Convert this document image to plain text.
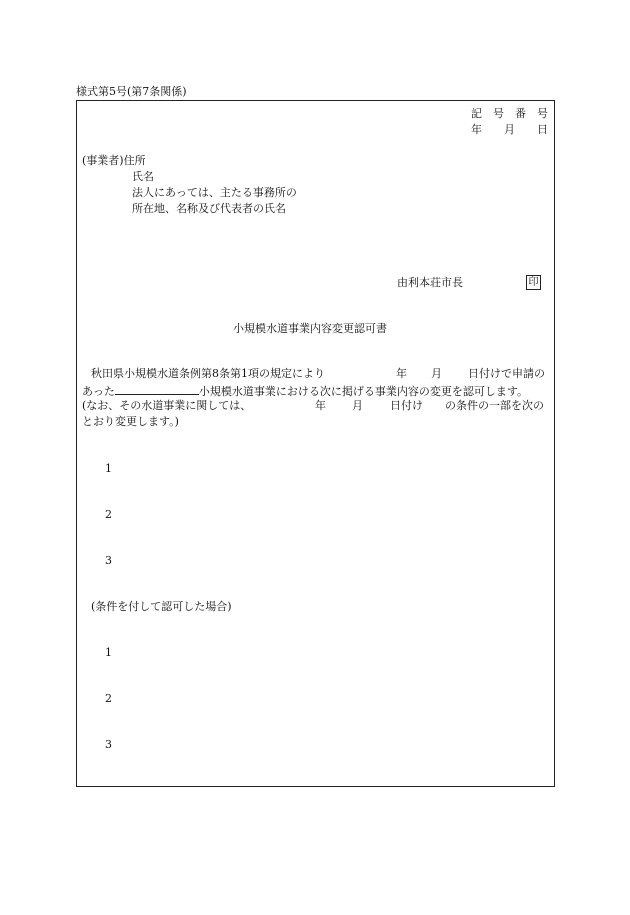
様式第5号(第7条関係)
記　号　番　号
年　　月　　日
(事業者)住所
氏名
法人にあっては、主たる事務所の
所在地、名称及び代表者の氏名
由利本荘市長	印
小規模水道事業内容変更認可書
秋田県小規模水道条例第8条第1項の規定により	年 月 日付けで申請の
あった	小規模水道事業における次に掲げる事業内容の変更を認可します。
(なお、その水道事業に関しては、	年 月 日付け の条件の一部を次の
とおり変更します。)
1
2
3
(条件を付して認可した場合)
1
2
3
